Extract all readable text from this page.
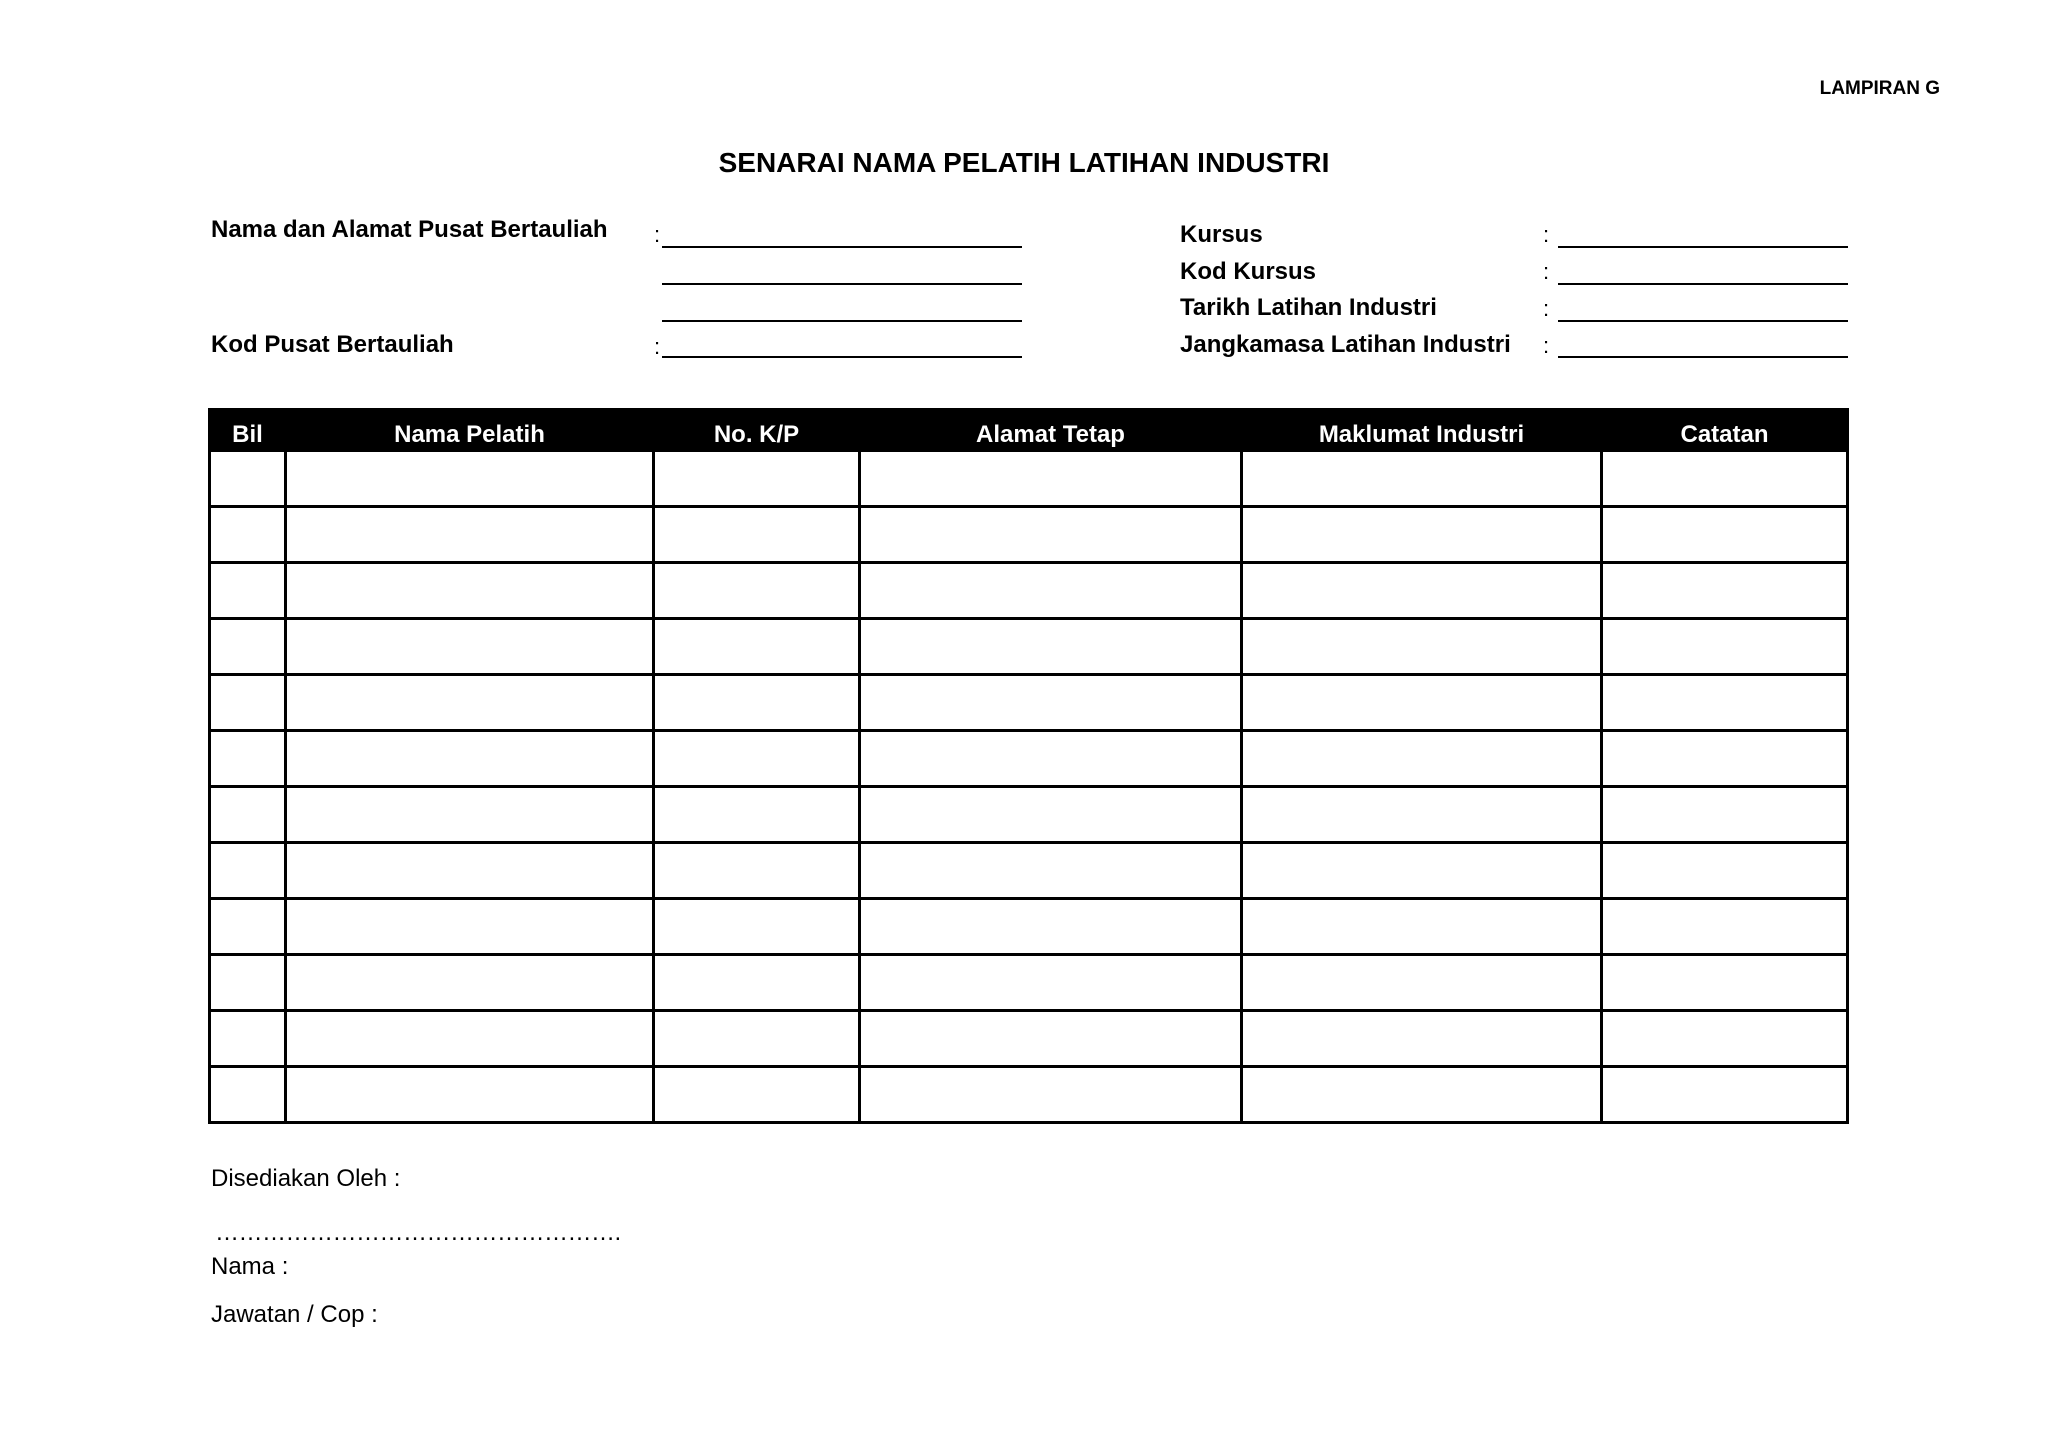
LAMPIRAN G
SENARAI NAMA PELATIH LATIHAN INDUSTRI
Nama dan Alamat Pusat Bertauliah :
Kod Pusat Bertauliah	:
Kursus	:
Kod Kursus	:
Tarikh Latihan Industri	:
Jangkamasa Latihan Industri :
Bil	Nama Pelatih	No. K/P	Alamat Tetap	Maklumat Industri	Catatan

Disediakan Oleh :
…………………………………………….
Nama :
Jawatan / Cop :
